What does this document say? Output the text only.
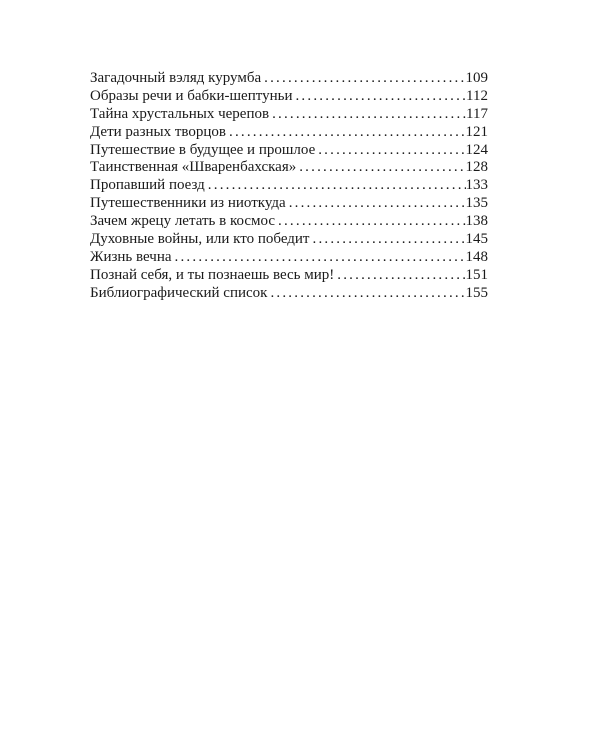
Загадочный вэляд курумба .....	109
Образы речи и бабки-шептуньи .....	112
Тайна хрустальных черепов .....	117
Дети разных творцов .....	121
Путешествие в будущее и прошлое .....	124
Таинственная «Шваренбахская» .....	128
Пропавший поезд .....	133
Путешественники из ниоткуда .....	135
Зачем жрецу летать в космос .....	138
Духовные войны, или кто победит .....	145
Жизнь вечна .....	148
Познай себя, и ты познаешь весь мир! .....	151
Библиографический список .....	155
